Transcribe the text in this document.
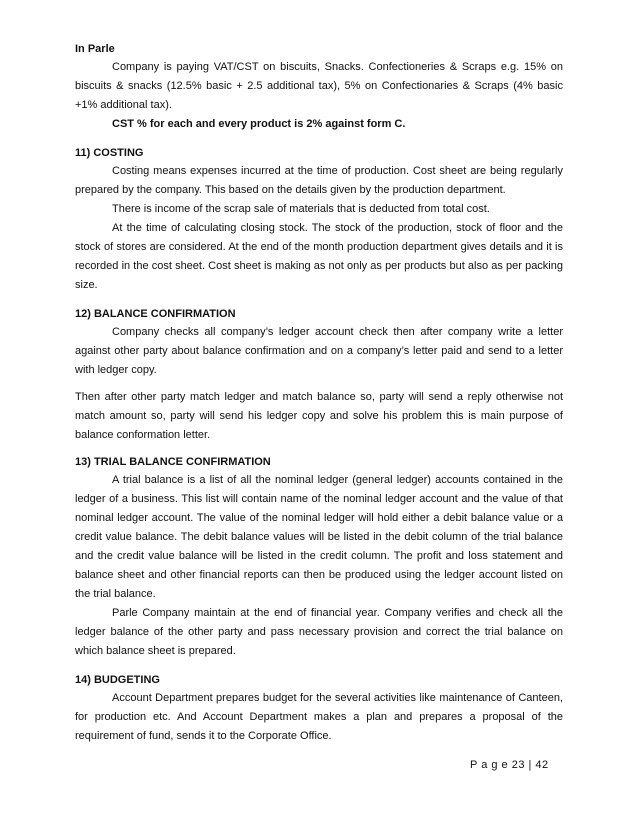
In Parle

Company is paying VAT/CST on biscuits, Snacks. Confectioneries & Scraps e.g. 15% on biscuits & snacks (12.5% basic + 2.5 additional tax), 5% on Confectionaries & Scraps (4% basic +1% additional tax).

CST % for each and every product is 2% against form C.

11) COSTING

Costing means expenses incurred at the time of production. Cost sheet are being regularly prepared by the company. This based on the details given by the production department.

There is income of the scrap sale of materials that is deducted from total cost.

At the time of calculating closing stock. The stock of the production, stock of floor and the stock of stores are considered. At the end of the month production department gives details and it is recorded in the cost sheet. Cost sheet is making as not only as per products but also as per packing size.

12) BALANCE CONFIRMATION

Company checks all company’s ledger account check then after company write a letter against other party about balance confirmation and on a company’s letter paid and send to a letter with ledger copy.

Then after other party match ledger and match balance so, party will send a reply otherwise not match amount so, party will send his ledger copy and solve his problem this is main purpose of balance conformation letter.

13) TRIAL BALANCE CONFIRMATION

A trial balance is a list of all the nominal ledger (general ledger) accounts contained in the ledger of a business. This list will contain name of the nominal ledger account and the value of that nominal ledger account. The value of the nominal ledger will hold either a debit balance value or a credit value balance. The debit balance values will be listed in the debit column of the trial balance and the credit value balance will be listed in the credit column. The profit and loss statement and balance sheet and other financial reports can then be produced using the ledger account listed on the trial balance.

Parle Company maintain at the end of financial year. Company verifies and check all the ledger balance of the other party and pass necessary provision and correct the trial balance on which balance sheet is prepared.

14) BUDGETING

Account Department prepares budget for the several activities like maintenance of Canteen, for production etc. And Account Department makes a plan and prepares a proposal of the requirement of fund, sends it to the Corporate Office.

P a g e 23 | 42
